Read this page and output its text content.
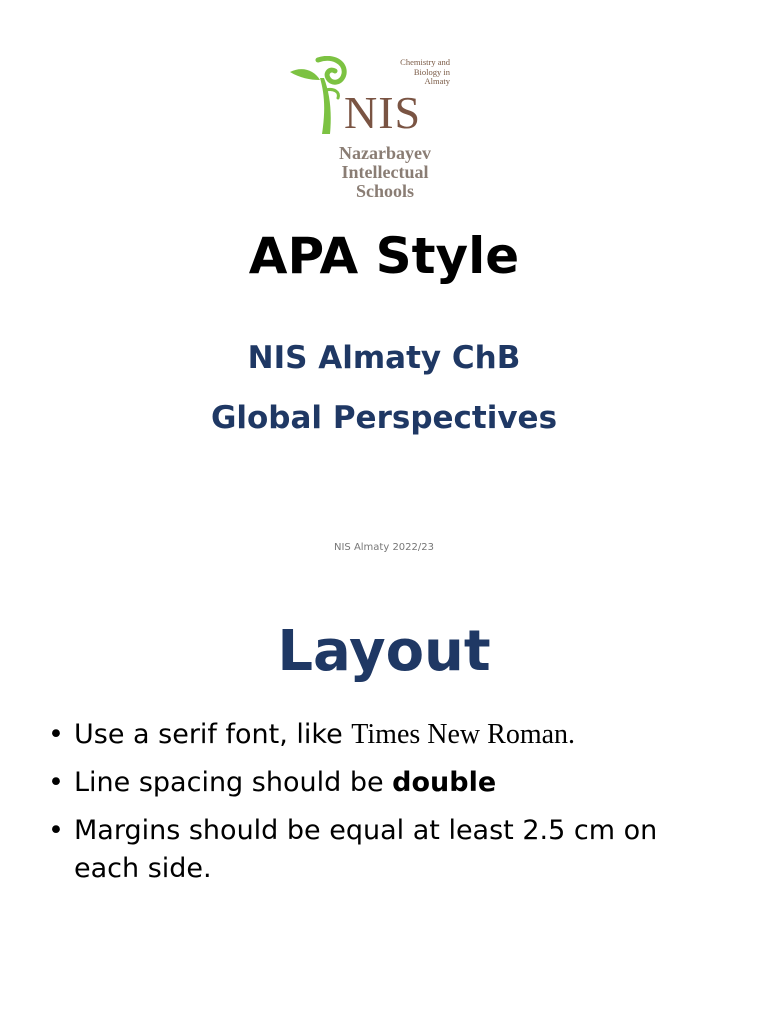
Chemistry and
Biology in
Almaty
NIS
Nazarbayev
Intellectual
Schools
APA Style
NIS Almaty ChB
Global Perspectives
NIS Almaty 2022/23
Layout
• Use a serif font, like Times New Roman.
• Line spacing should be double
• Margins should be equal at least 2.5 cm on each side.
